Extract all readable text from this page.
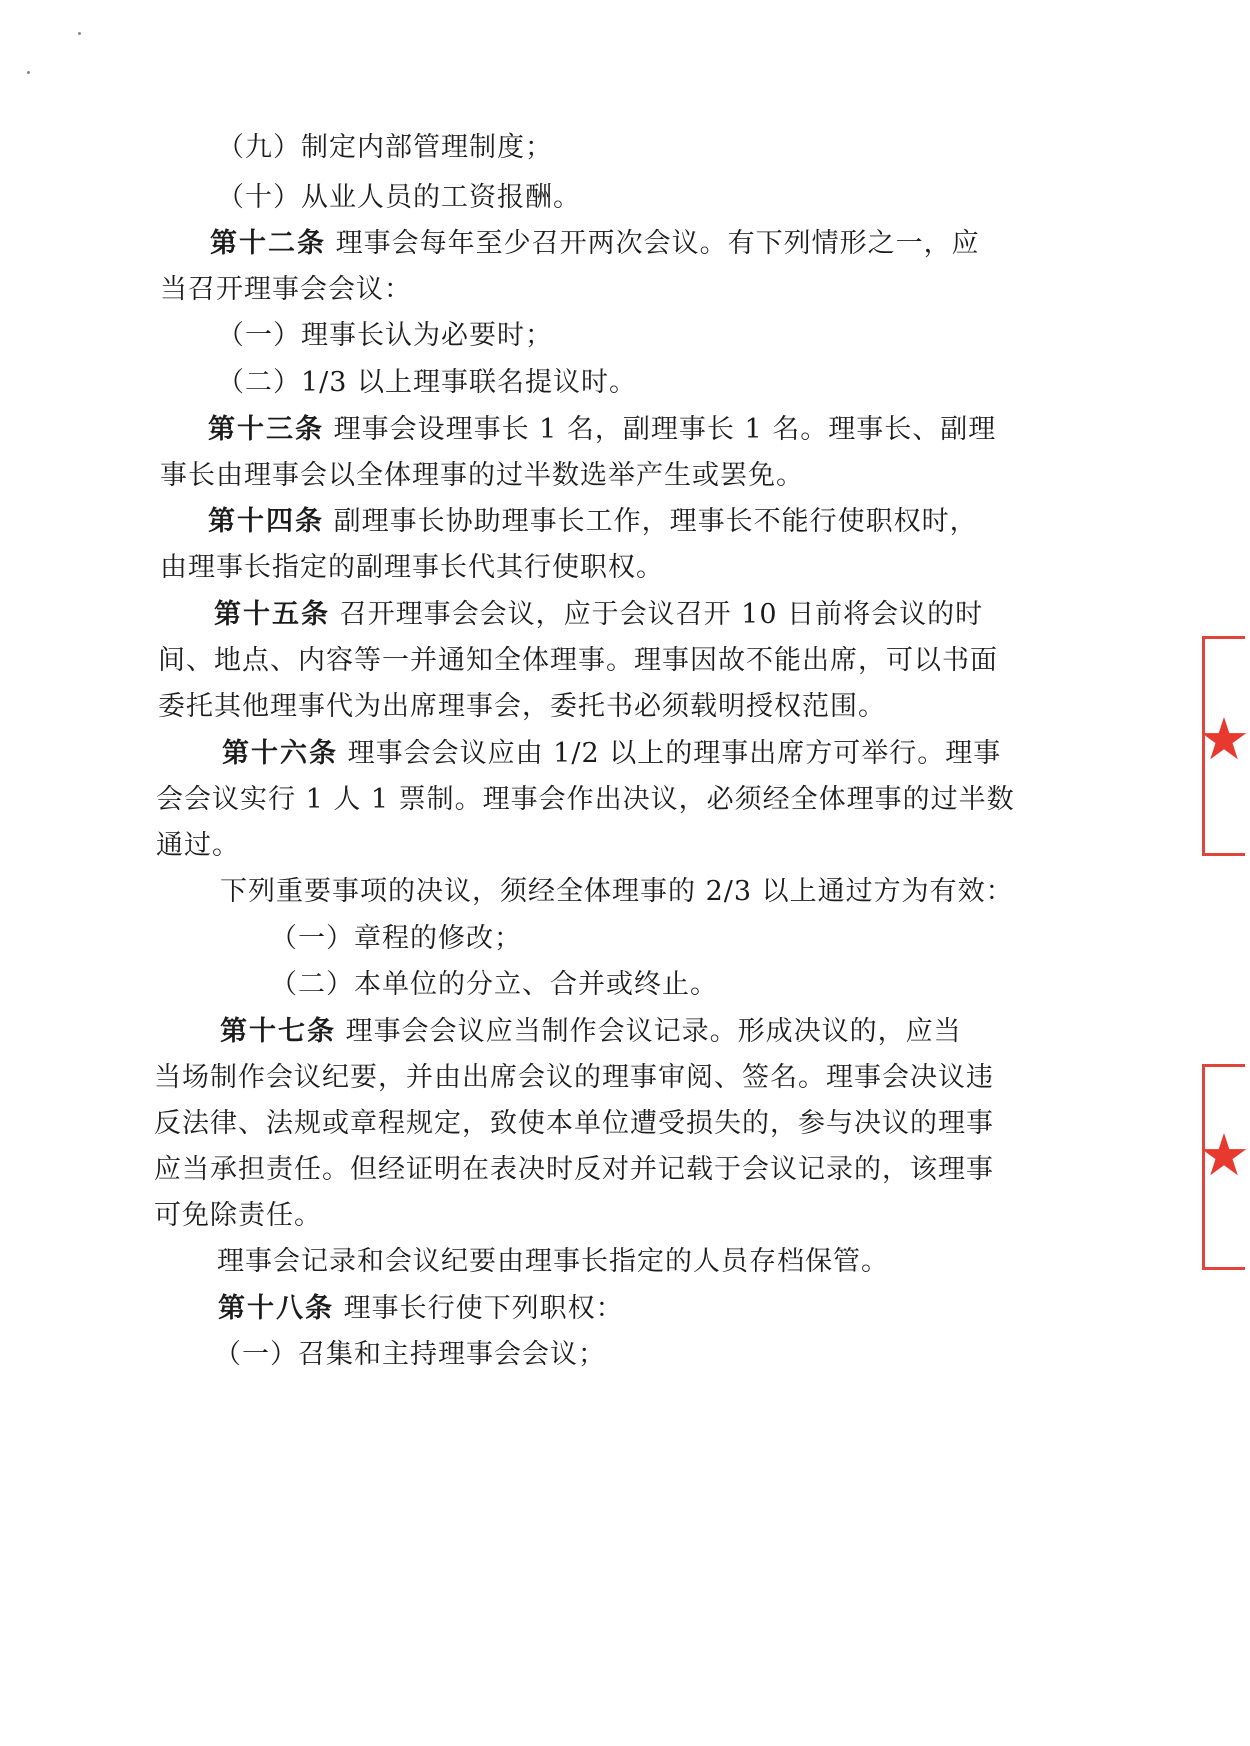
（九）制定内部管理制度；
（十）从业人员的工资报酬。
第十二条 理事会每年至少召开两次会议。有下列情形之一，应
当召开理事会会议：
（一）理事长认为必要时；
（二）1/3 以上理事联名提议时。
第十三条 理事会设理事长 1 名，副理事长 1 名。理事长、副理
事长由理事会以全体理事的过半数选举产生或罢免。
第十四条 副理事长协助理事长工作，理事长不能行使职权时，
由理事长指定的副理事长代其行使职权。
第十五条 召开理事会会议，应于会议召开 10 日前将会议的时
间、地点、内容等一并通知全体理事。理事因故不能出席，可以书面
委托其他理事代为出席理事会，委托书必须载明授权范围。
第十六条 理事会会议应由 1/2 以上的理事出席方可举行。理事
会会议实行 1 人 1 票制。理事会作出决议，必须经全体理事的过半数
通过。
下列重要事项的决议，须经全体理事的 2/3 以上通过方为有效：
（一）章程的修改；
（二）本单位的分立、合并或终止。
第十七条 理事会会议应当制作会议记录。形成决议的，应当
当场制作会议纪要，并由出席会议的理事审阅、签名。理事会决议违
反法律、法规或章程规定，致使本单位遭受损失的，参与决议的理事
应当承担责任。但经证明在表决时反对并记载于会议记录的，该理事
可免除责任。
理事会记录和会议纪要由理事长指定的人员存档保管。
第十八条 理事长行使下列职权：
（一）召集和主持理事会会议；
★
★
